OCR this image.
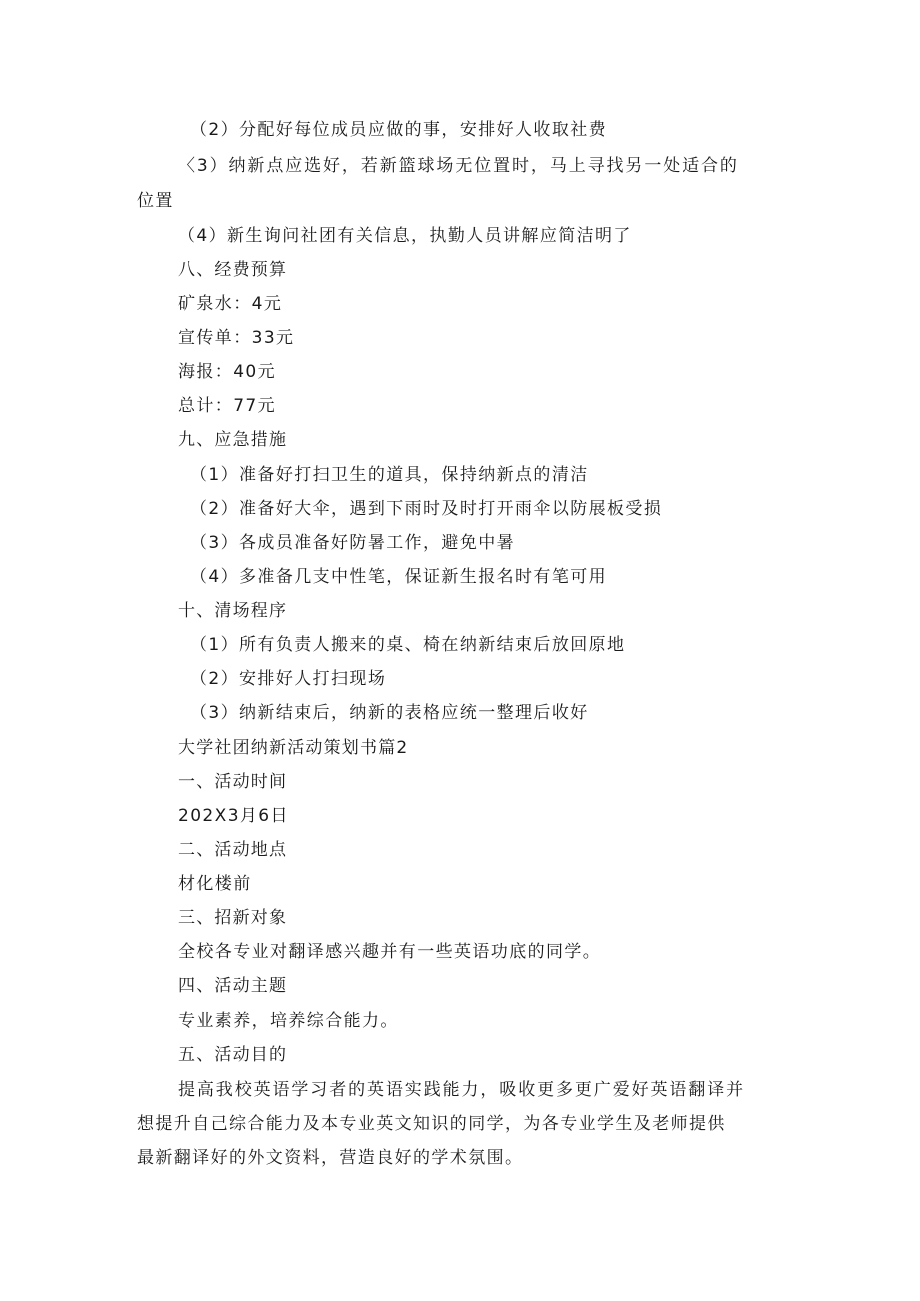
（2）分配好每位成员应做的事，安排好人收取社费

〈3）纳新点应选好，若新篮球场无位置时，马上寻找另一处适合的

位置

（4）新生询问社团有关信息，执勤人员讲解应简洁明了

八、经费预算

矿泉水：4元

宣传单：33元

海报：40元

总计：77元

九、应急措施

（1）准备好打扫卫生的道具，保持纳新点的清洁

（2）准备好大伞，遇到下雨时及时打开雨伞以防展板受损

（3）各成员准备好防暑工作，避免中暑

（4）多准备几支中性笔，保证新生报名时有笔可用

十、清场程序

（1）所有负责人搬来的桌、椅在纳新结束后放回原地

（2）安排好人打扫现场

（3）纳新结束后，纳新的表格应统一整理后收好

大学社团纳新活动策划书篇2

一、活动时间

202X3月6日

二、活动地点

材化楼前

三、招新对象

全校各专业对翻译感兴趣并有一些英语功底的同学。

四、活动主题

专业素养，培养综合能力。

五、活动目的

提高我校英语学习者的英语实践能力，吸收更多更广爱好英语翻译并

想提升自己综合能力及本专业英文知识的同学，为各专业学生及老师提供

最新翻译好的外文资料，营造良好的学术氛围。
